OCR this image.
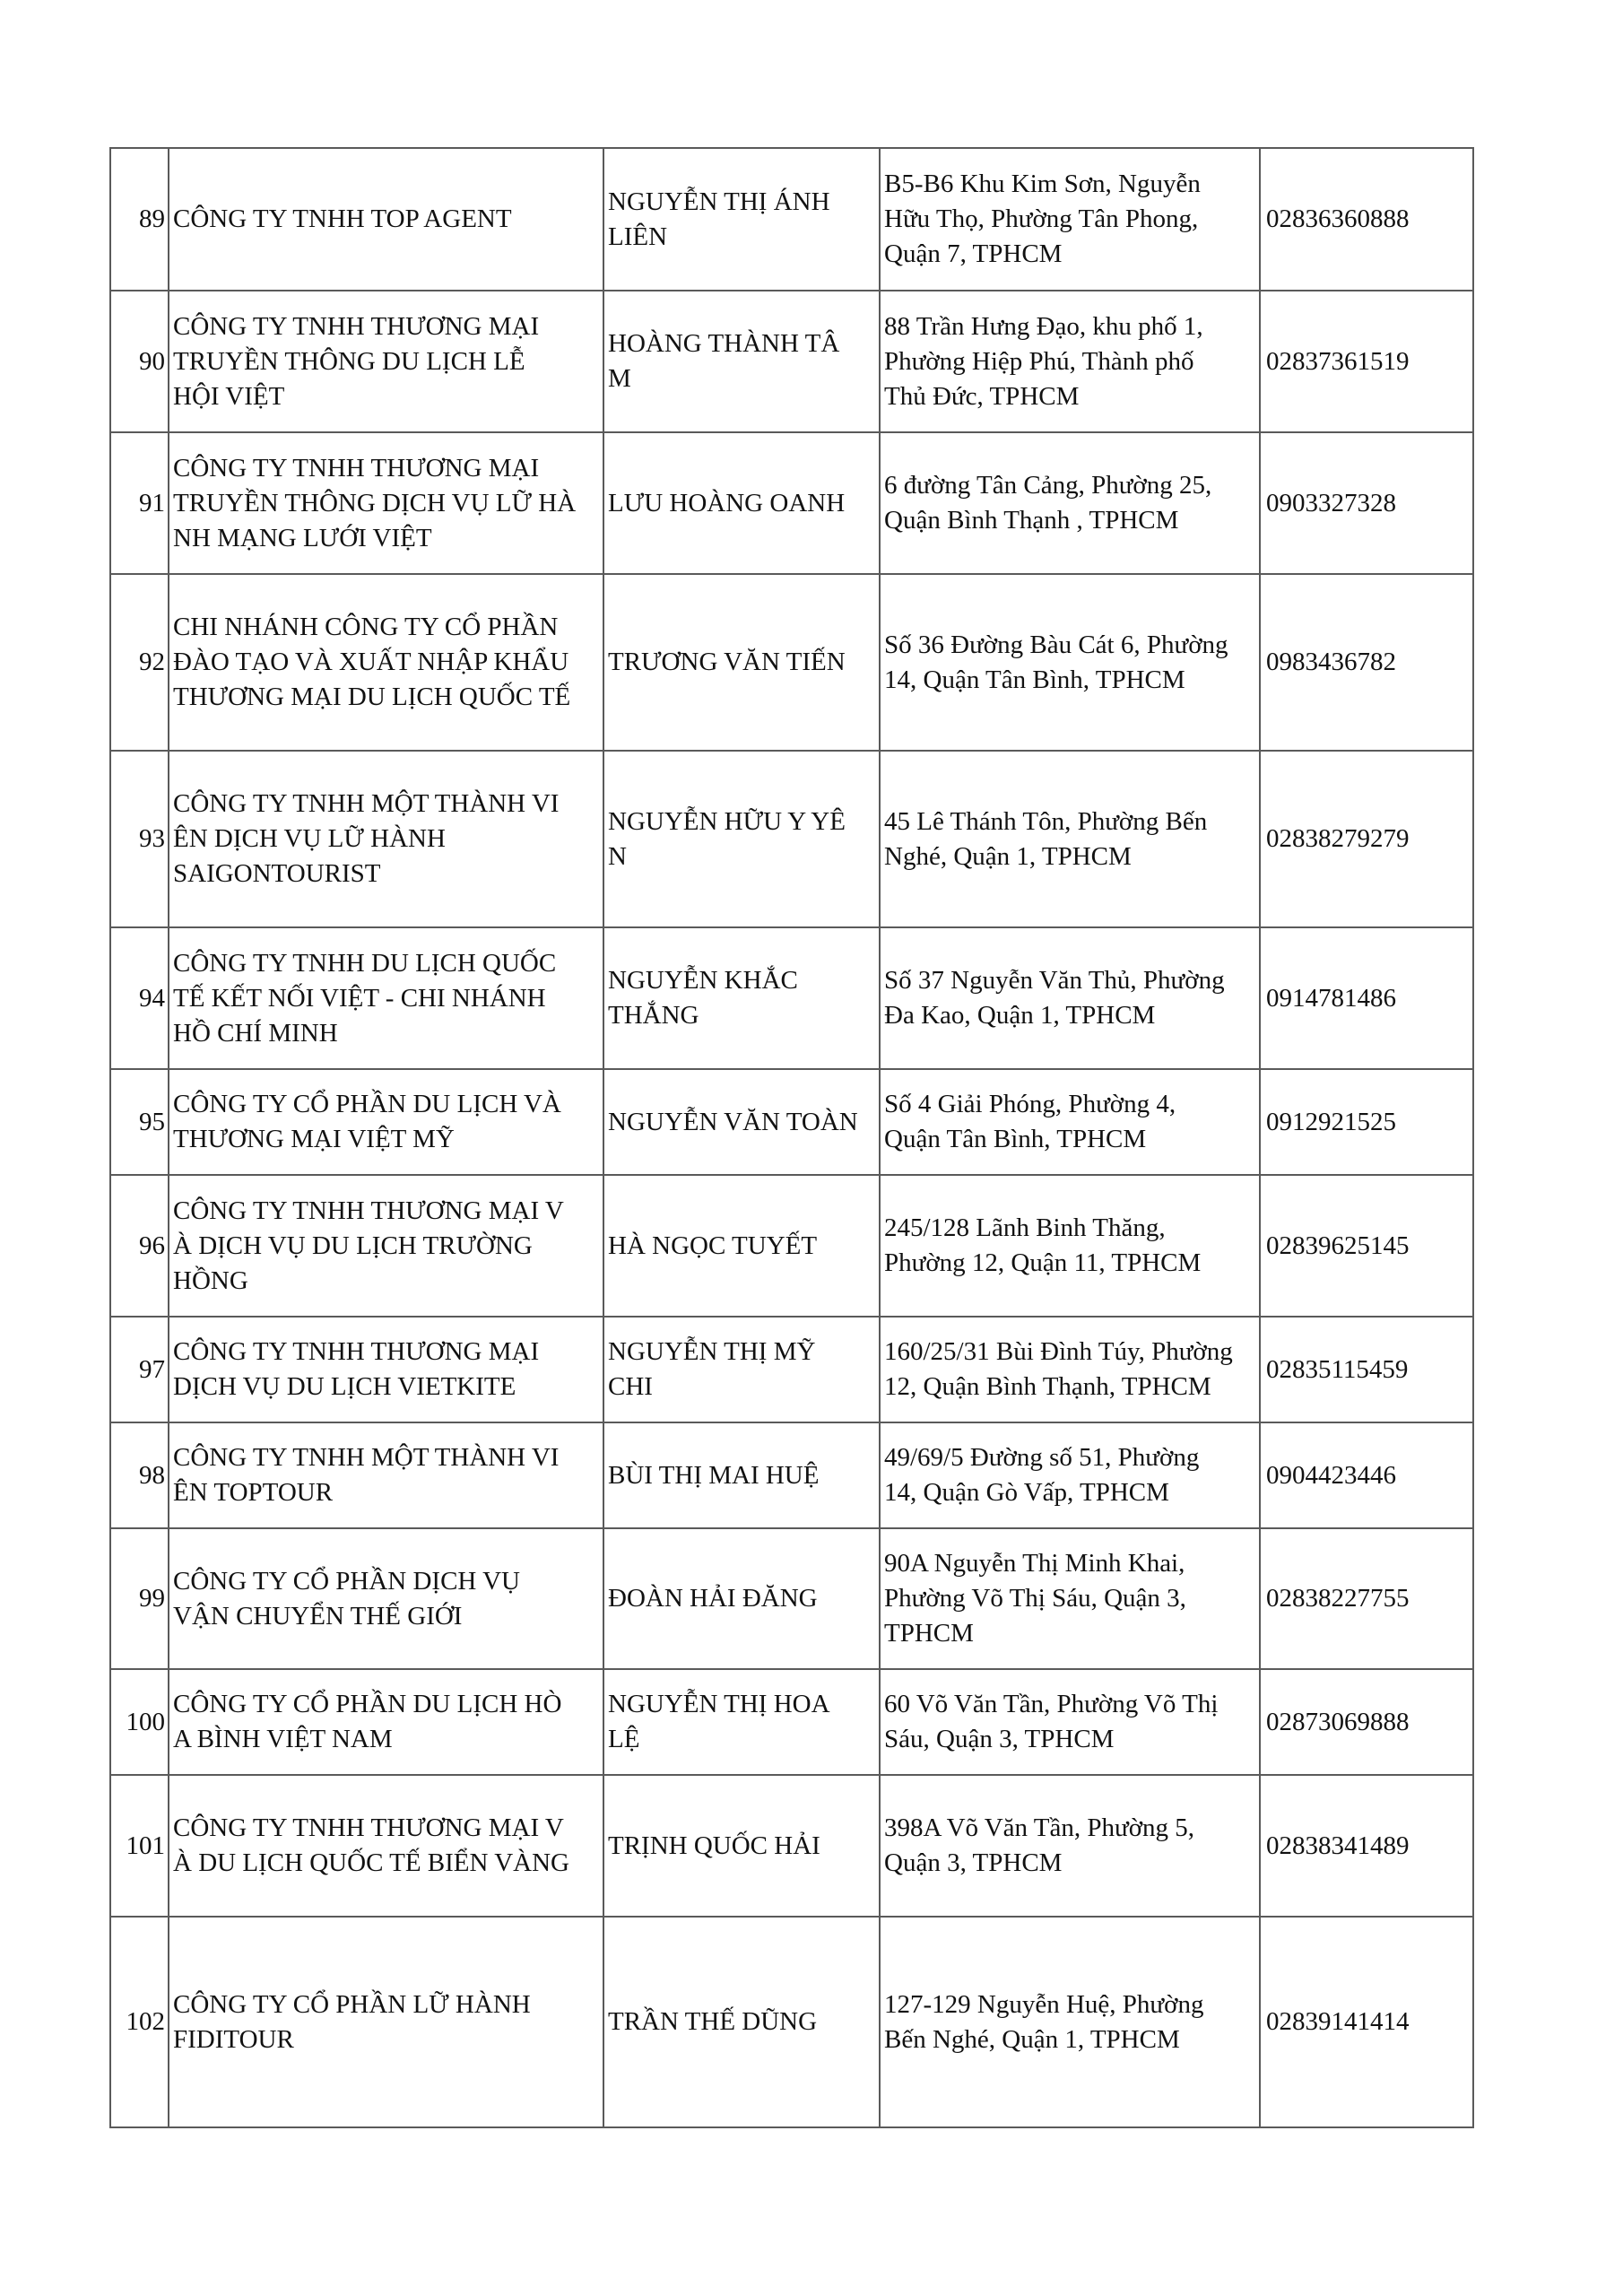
89	CÔNG TY TNHH TOP AGENT	NGUYỄN THỊ ÁNH
LIÊN	B5-B6 Khu Kim Sơn, Nguyễn
Hữu Thọ, Phường Tân Phong,
Quận 7, TPHCM	02836360888
90	CÔNG TY TNHH THƯƠNG MẠI
TRUYỀN THÔNG DU LỊCH LỄ
HỘI VIỆT	HOÀNG THÀNH TÂ
M	88 Trần Hưng Đạo, khu phố 1,
Phường Hiệp Phú, Thành phố
Thủ Đức, TPHCM	02837361519
91	CÔNG TY TNHH THƯƠNG MẠI
TRUYỀN THÔNG DỊCH VỤ LỮ HÀ
NH MẠNG LƯỚI VIỆT	LƯU HOÀNG OANH	6 đường Tân Cảng, Phường 25,
Quận Bình Thạnh , TPHCM	0903327328
92	CHI NHÁNH CÔNG TY CỔ PHẦN
ĐÀO TẠO VÀ XUẤT NHẬP KHẨU
THƯƠNG MẠI DU LỊCH QUỐC TẾ	TRƯƠNG VĂN TIẾN	Số 36 Đường Bàu Cát 6, Phường
14, Quận Tân Bình, TPHCM	0983436782
93	CÔNG TY TNHH MỘT THÀNH VI
ÊN DỊCH VỤ LỮ HÀNH
SAIGONTOURIST	NGUYỄN HỮU Y YÊ
N	45 Lê Thánh Tôn, Phường Bến
Nghé, Quận 1, TPHCM	02838279279
94	CÔNG TY TNHH DU LỊCH QUỐC
TẾ KẾT NỐI VIỆT - CHI NHÁNH
HỒ CHÍ MINH	NGUYỄN KHẮC
THẮNG	Số 37 Nguyễn Văn Thủ, Phường
Đa Kao, Quận 1, TPHCM	0914781486
95	CÔNG TY CỔ PHẦN DU LỊCH VÀ
THƯƠNG MẠI VIỆT MỸ	NGUYỄN VĂN TOÀN	Số 4 Giải Phóng, Phường 4,
Quận Tân Bình, TPHCM	0912921525
96	CÔNG TY TNHH THƯƠNG MẠI V
À DỊCH VỤ DU LỊCH TRƯỜNG
HỒNG	HÀ NGỌC TUYẾT	245/128 Lãnh Binh Thăng,
Phường 12, Quận 11, TPHCM	02839625145
97	CÔNG TY TNHH THƯƠNG MẠI
DỊCH VỤ DU LỊCH VIETKITE	NGUYỄN THỊ MỸ
CHI	160/25/31 Bùi Đình Túy, Phường
12, Quận Bình Thạnh, TPHCM	02835115459
98	CÔNG TY TNHH MỘT THÀNH VI
ÊN TOPTOUR	BÙI THỊ MAI HUỆ	49/69/5 Đường số 51, Phường
14, Quận Gò Vấp, TPHCM	0904423446
99	CÔNG TY CỔ PHẦN DỊCH VỤ
VẬN CHUYỂN THẾ GIỚI	ĐOÀN HẢI ĐĂNG	90A Nguyễn Thị Minh Khai,
Phường Võ Thị Sáu, Quận 3,
TPHCM	02838227755
100	CÔNG TY CỔ PHẦN DU LỊCH HÒ
A BÌNH VIỆT NAM	NGUYỄN THỊ HOA
LỆ	60 Võ Văn Tần, Phường Võ Thị
Sáu, Quận 3, TPHCM	02873069888
101	CÔNG TY TNHH THƯƠNG MẠI V
À DU LỊCH QUỐC TẾ BIỂN VÀNG	TRỊNH QUỐC HẢI	398A Võ Văn Tần, Phường 5,
Quận 3, TPHCM	02838341489
102	CÔNG TY CỔ PHẦN LỮ HÀNH
FIDITOUR	TRẦN THẾ DŨNG	127-129 Nguyễn Huệ, Phường
Bến Nghé, Quận 1, TPHCM	02839141414
